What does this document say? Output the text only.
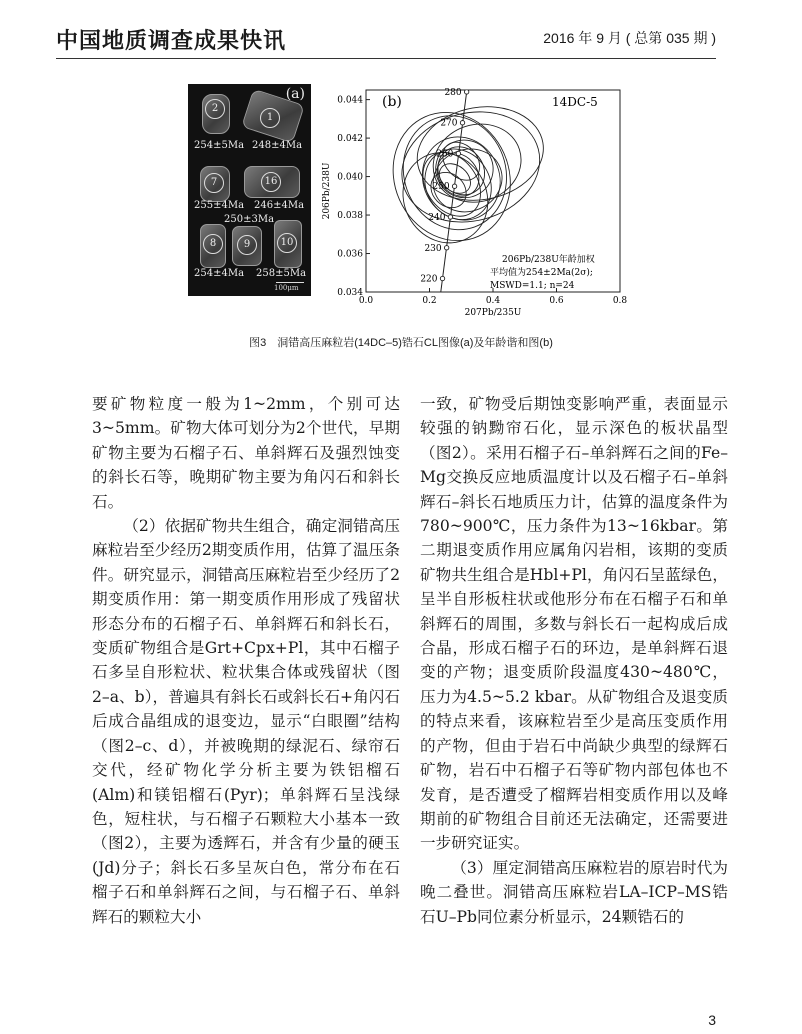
中国地质调查成果快讯	2016 年 9 月 ( 总第 035 期 )
(a)
2
1
254±5Ma 248±4Ma
7	16
255±4Ma 246±4Ma
250±3Ma
8	9	10
254±4Ma 258±5Ma
100μm
0.0	0.2	0.4	0.6	0.8
0.034
0.036
0.038
0.040
0.042
0.044 (b)	14DC-5
206Pb/238U年龄加权
平均值为254±2Ma(2σ);
MSWD=1.1; n=24
207Pb/235U
206Pb/238U
220
230
240
250
260
270
280
图3　洞错高压麻粒岩(14DC–5)锆石CL图像(a)及年龄谐和图(b)

要矿物粒度一般为1~2mm，个别可达3~5mm。矿物大体可划分为2个世代，早期矿物主要为石榴子石、单斜辉石及强烈蚀变的斜长石等，晚期矿物主要为角闪石和斜长石。

（2）依据矿物共生组合，确定洞错高压麻粒岩至少经历2期变质作用，估算了温压条件。研究显示，洞错高压麻粒岩至少经历了2期变质作用：第一期变质作用形成了残留状形态分布的石榴子石、单斜辉石和斜长石，变质矿物组合是Grt+Cpx+Pl，其中石榴子石多呈自形粒状、粒状集合体或残留状（图2–a、b），普遍具有斜长石或斜长石+角闪石后成合晶组成的退变边，显示“白眼圈”结构（图2–c、d），并被晚期的绿泥石、绿帘石交代，经矿物化学分析主要为铁铝榴石(Alm)和镁铝榴石(Pyr)；单斜辉石呈浅绿色，短柱状，与石榴子石颗粒大小基本一致（图2），主要为透辉石，并含有少量的硬玉(Jd)分子；斜长石多呈灰白色，常分布在石榴子石和单斜辉石之间，与石榴子石、单斜辉石的颗粒大小

一致，矿物受后期蚀变影响严重，表面显示较强的钠黝帘石化，显示深色的板状晶型（图2）。采用石榴子石–单斜辉石之间的Fe–Mg交换反应地质温度计以及石榴子石–单斜辉石–斜长石地质压力计，估算的温度条件为780~900℃，压力条件为13~16kbar。第二期退变质作用应属角闪岩相，该期的变质矿物共生组合是Hbl+Pl，角闪石呈蓝绿色，呈半自形板柱状或他形分布在石榴子石和单斜辉石的周围，多数与斜长石一起构成后成合晶，形成石榴子石的环边，是单斜辉石退变的产物；退变质阶段温度430~480℃，压力为4.5~5.2 kbar。从矿物组合及退变质的特点来看，该麻粒岩至少是高压变质作用的产物，但由于岩石中尚缺少典型的绿辉石矿物，岩石中石榴子石等矿物内部包体也不发育，是否遭受了榴辉岩相变质作用以及峰期前的矿物组合目前还无法确定，还需要进一步研究证实。

（3）厘定洞错高压麻粒岩的原岩时代为晚二叠世。洞错高压麻粒岩LA–ICP–MS锆石U–Pb同位素分析显示，24颗锆石的

3
